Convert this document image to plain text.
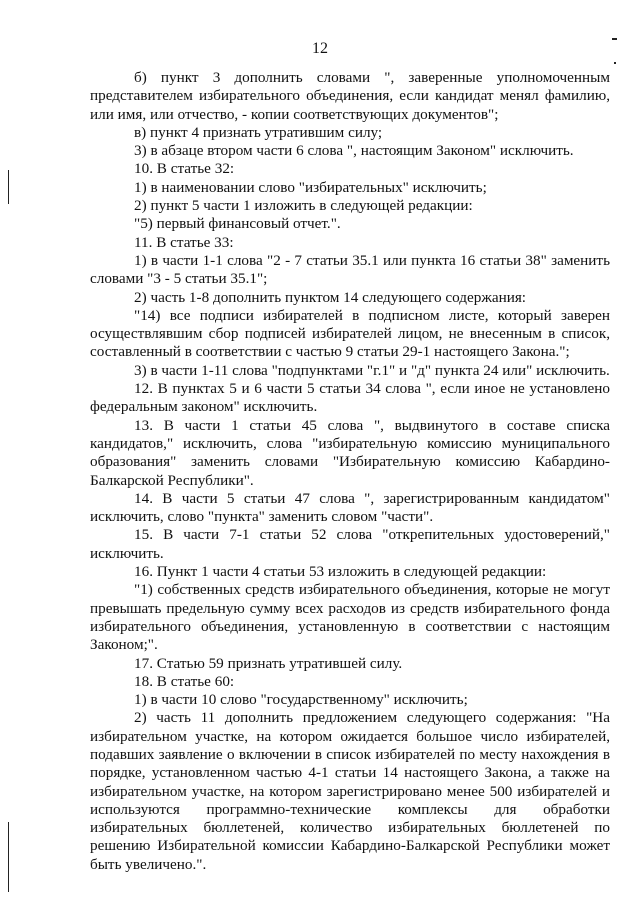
12

б) пункт 3 дополнить словами ", заверенные уполномоченным представителем избирательного объединения, если кандидат менял фамилию, или имя, или отчество, - копии соответствующих документов";

в) пункт 4 признать утратившим силу;

3) в абзаце втором части 6 слова ", настоящим Законом" исключить.

10. В статье 32:

1) в наименовании слово "избирательных" исключить;

2) пункт 5 части 1 изложить в следующей редакции:

"5) первый финансовый отчет.".

11. В статье 33:

1) в части 1-1 слова "2 - 7 статьи 35.1 или пункта 16 статьи 38" заменить словами "3 - 5 статьи 35.1";

2) часть 1-8 дополнить пунктом 14 следующего содержания:

"14) все подписи избирателей в подписном листе, который заверен осуществлявшим сбор подписей избирателей лицом, не внесенным в список, составленный в соответствии с частью 9 статьи 29-1 настоящего Закона.";

3) в части 1-11 слова "подпунктами "г.1" и "д" пункта 24 или" исключить.

12. В пунктах 5 и 6 части 5 статьи 34 слова ", если иное не установлено федеральным законом" исключить.

13. В части 1 статьи 45 слова ", выдвинутого в составе списка кандидатов," исключить, слова "избирательную комиссию муниципального образования" заменить словами "Избирательную комиссию Кабардино-Балкарской Республики".

14. В части 5 статьи 47 слова ", зарегистрированным кандидатом" исключить, слово "пункта" заменить словом "части".

15. В части 7-1 статьи 52 слова "открепительных удостоверений," исключить.

16. Пункт 1 части 4 статьи 53 изложить в следующей редакции:

"1) собственных средств избирательного объединения, которые не могут превышать предельную сумму всех расходов из средств избирательного фонда избирательного объединения, установленную в соответствии с настоящим Законом;".

17. Статью 59 признать утратившей силу.

18. В статье 60:

1) в части 10 слово "государственному" исключить;

2) часть 11 дополнить предложением следующего содержания: "На избирательном участке, на котором ожидается большое число избирателей, подавших заявление о включении в список избирателей по месту нахождения в порядке, установленном частью 4-1 статьи 14 настоящего Закона, а также на избирательном участке, на котором зарегистрировано менее 500 избирателей и используются программно-технические комплексы для обработки избирательных бюллетеней, количество избирательных бюллетеней по решению Избирательной комиссии Кабардино-Балкарской Республики может быть увеличено.".
